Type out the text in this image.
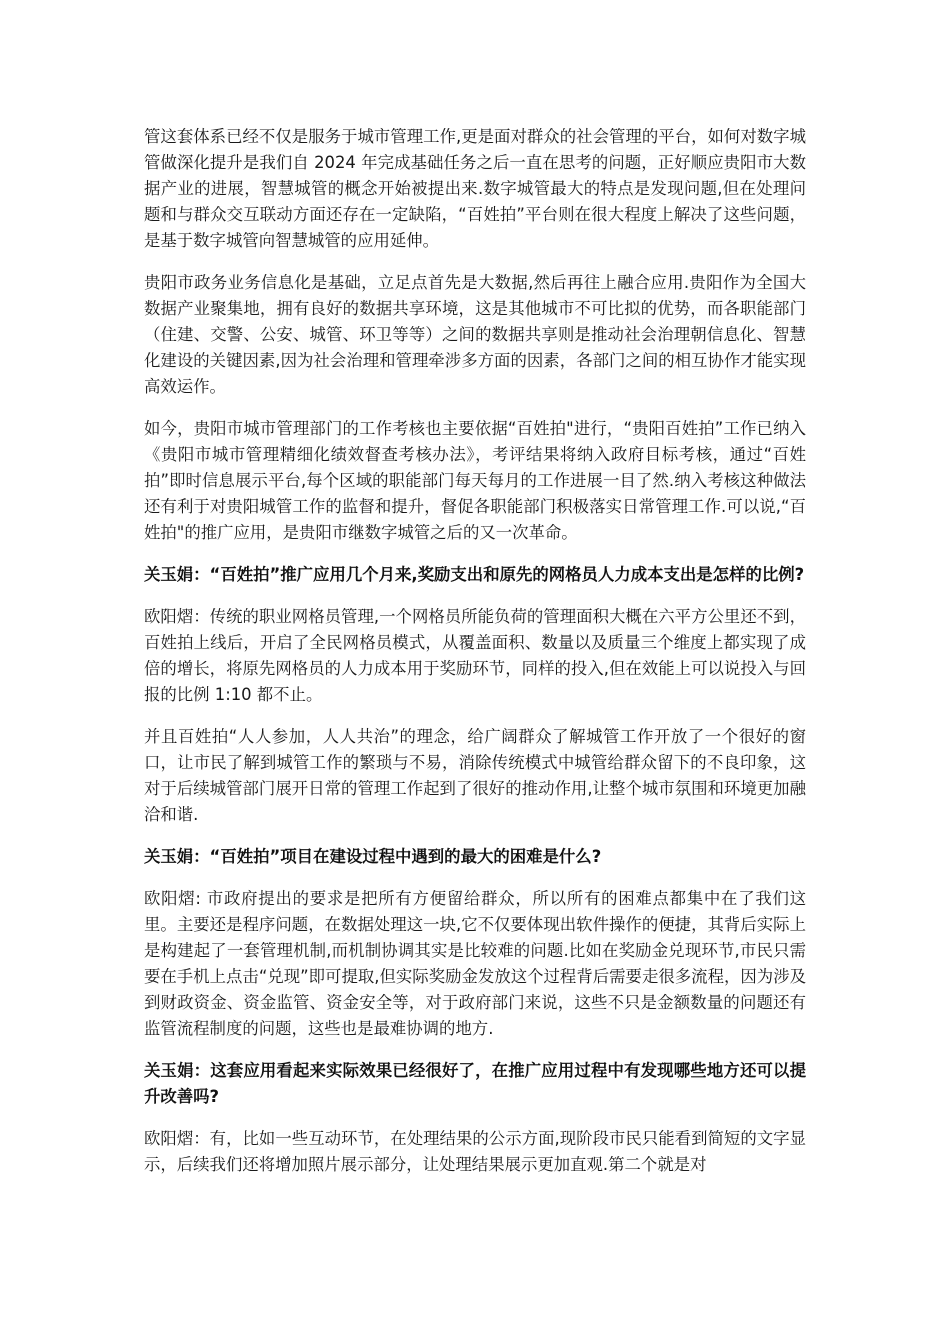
管这套体系已经不仅是服务于城市管理工作,更是面对群众的社会管理的平台，如何对数字城管做深化提升是我们自 2024 年完成基础任务之后一直在思考的问题，正好顺应贵阳市大数据产业的进展，智慧城管的概念开始被提出来.数字城管最大的特点是发现问题,但在处理问题和与群众交互联动方面还存在一定缺陷，“百姓拍”平台则在很大程度上解决了这些问题，是基于数字城管向智慧城管的应用延伸。

贵阳市政务业务信息化是基础，立足点首先是大数据,然后再往上融合应用.贵阳作为全国大数据产业聚集地，拥有良好的数据共享环境，这是其他城市不可比拟的优势，而各职能部门（住建、交警、公安、城管、环卫等等）之间的数据共享则是推动社会治理朝信息化、智慧化建设的关键因素,因为社会治理和管理牵涉多方面的因素，各部门之间的相互协作才能实现高效运作。

如今，贵阳市城市管理部门的工作考核也主要依据“百姓拍"进行，“贵阳百姓拍”工作已纳入《贵阳市城市管理精细化绩效督查考核办法》，考评结果将纳入政府目标考核，通过“百姓拍”即时信息展示平台,每个区域的职能部门每天每月的工作进展一目了然.纳入考核这种做法还有利于对贵阳城管工作的监督和提升，督促各职能部门积极落实日常管理工作.可以说,“百姓拍"的推广应用，是贵阳市继数字城管之后的又一次革命。

关玉娟：“百姓拍”推广应用几个月来,奖励支出和原先的网格员人力成本支出是怎样的比例?

欧阳熠：传统的职业网格员管理,一个网格员所能负荷的管理面积大概在六平方公里还不到，百姓拍上线后，开启了全民网格员模式，从覆盖面积、数量以及质量三个维度上都实现了成倍的增长，将原先网格员的人力成本用于奖励环节，同样的投入,但在效能上可以说投入与回报的比例 1:10 都不止。

并且百姓拍“人人参加，人人共治”的理念，给广阔群众了解城管工作开放了一个很好的窗口，让市民了解到城管工作的繁琐与不易，消除传统模式中城管给群众留下的不良印象，这对于后续城管部门展开日常的管理工作起到了很好的推动作用,让整个城市氛围和环境更加融洽和谐.

关玉娟：“百姓拍”项目在建设过程中遇到的最大的困难是什么?

欧阳熠: 市政府提出的要求是把所有方便留给群众，所以所有的困难点都集中在了我们这里。主要还是程序问题，在数据处理这一块,它不仅要体现出软件操作的便捷，其背后实际上是构建起了一套管理机制,而机制协调其实是比较难的问题.比如在奖励金兑现环节,市民只需要在手机上点击“兑现”即可提取,但实际奖励金发放这个过程背后需要走很多流程，因为涉及到财政资金、资金监管、资金安全等，对于政府部门来说，这些不只是金额数量的问题还有监管流程制度的问题，这些也是最难协调的地方.

关玉娟：这套应用看起来实际效果已经很好了，在推广应用过程中有发现哪些地方还可以提升改善吗?

欧阳熠：有，比如一些互动环节，在处理结果的公示方面,现阶段市民只能看到简短的文字显示，后续我们还将增加照片展示部分，让处理结果展示更加直观.第二个就是对
